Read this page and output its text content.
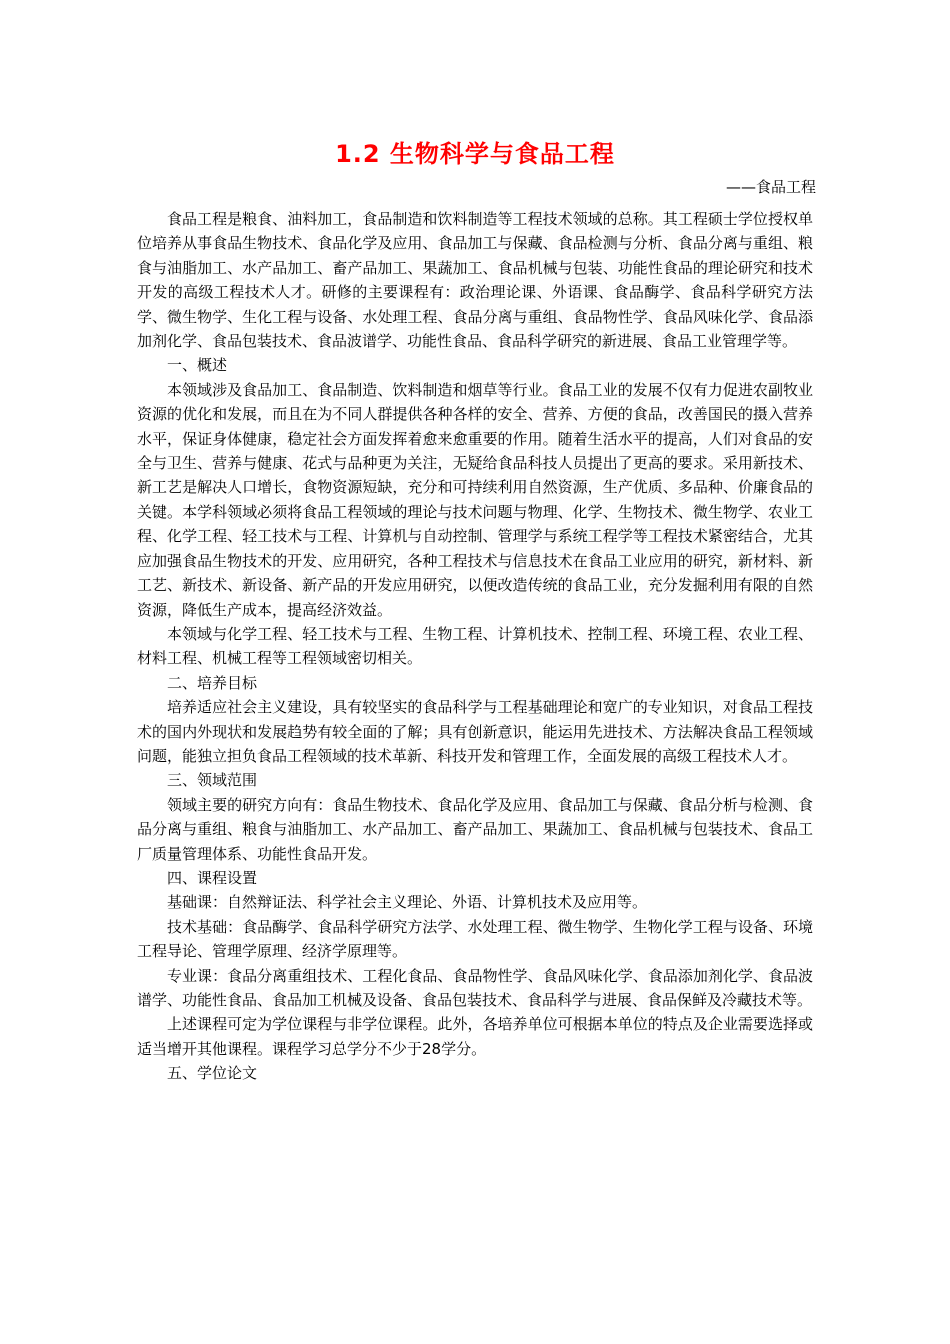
1.2 生物科学与食品工程
——食品工程

食品工程是粮食、油料加工，食品制造和饮料制造等工程技术领域的总称。其工程硕士学位授权单位培养从事食品生物技术、食品化学及应用、食品加工与保藏、食品检测与分析、食品分离与重组、粮食与油脂加工、水产品加工、畜产品加工、果蔬加工、食品机械与包装、功能性食品的理论研究和技术开发的高级工程技术人才。研修的主要课程有：政治理论课、外语课、食品酶学、食品科学研究方法学、微生物学、生化工程与设备、水处理工程、食品分离与重组、食品物性学、食品风味化学、食品添加剂化学、食品包装技术、食品波谱学、功能性食品、食品科学研究的新进展、食品工业管理学等。

一、概述

本领域涉及食品加工、食品制造、饮料制造和烟草等行业。食品工业的发展不仅有力促进农副牧业资源的优化和发展，而且在为不同人群提供各种各样的安全、营养、方便的食品，改善国民的摄入营养水平，保证身体健康，稳定社会方面发挥着愈来愈重要的作用。随着生活水平的提高，人们对食品的安全与卫生、营养与健康、花式与品种更为关注，无疑给食品科技人员提出了更高的要求。采用新技术、新工艺是解决人口增长，食物资源短缺，充分和可持续利用自然资源，生产优质、多品种、价廉食品的关键。本学科领域必须将食品工程领域的理论与技术问题与物理、化学、生物技术、微生物学、农业工程、化学工程、轻工技术与工程、计算机与自动控制、管理学与系统工程学等工程技术紧密结合，尤其应加强食品生物技术的开发、应用研究，各种工程技术与信息技术在食品工业应用的研究，新材料、新工艺、新技术、新设备、新产品的开发应用研究，以便改造传统的食品工业，充分发掘利用有限的自然资源，降低生产成本，提高经济效益。

本领域与化学工程、轻工技术与工程、生物工程、计算机技术、控制工程、环境工程、农业工程、材料工程、机械工程等工程领域密切相关。

二、培养目标

培养适应社会主义建设，具有较坚实的食品科学与工程基础理论和宽广的专业知识，对食品工程技术的国内外现状和发展趋势有较全面的了解；具有创新意识，能运用先进技术、方法解决食品工程领域问题，能独立担负食品工程领域的技术革新、科技开发和管理工作，全面发展的高级工程技术人才。

三、领域范围

领域主要的研究方向有：食品生物技术、食品化学及应用、食品加工与保藏、食品分析与检测、食品分离与重组、粮食与油脂加工、水产品加工、畜产品加工、果蔬加工、食品机械与包装技术、食品工厂质量管理体系、功能性食品开发。

四、课程设置

基础课：自然辩证法、科学社会主义理论、外语、计算机技术及应用等。

技术基础：食品酶学、食品科学研究方法学、水处理工程、微生物学、生物化学工程与设备、环境工程导论、管理学原理、经济学原理等。

专业课：食品分离重组技术、工程化食品、食品物性学、食品风味化学、食品添加剂化学、食品波谱学、功能性食品、食品加工机械及设备、食品包装技术、食品科学与进展、食品保鲜及冷藏技术等。

上述课程可定为学位课程与非学位课程。此外，各培养单位可根据本单位的特点及企业需要选择或适当增开其他课程。课程学习总学分不少于28学分。

五、学位论文
